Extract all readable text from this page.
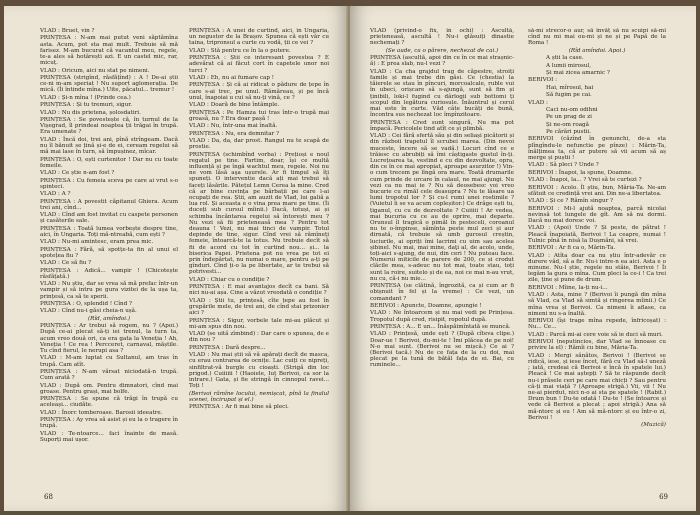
VLAD : Bruet, vin ?

PRINȚESA : N-am mai putut veni săptămîna asta. Acum, pot sta mai mult. Trebuie să mă farisez. M-am bucurat că vacantul meu, regele, te-a ales să hotărești azi. E un castel mic, rar, micuț.

VLAD : Oricum, aici nu stat pe nimeni.

PRINȚESA (strigînd, răsfățînd) : A ! De-ai știi ce-ni m-am speriat ! Nu suport aglomerația. De mică. (Îi întinde mîna.) Uite, păcatul... tremur !

VLAD : Și-n mîna ! (Prinde cea.)

PRINȚESA : Și tu tremuri, sigur.

VLAD : Nu dis prietena, șolosdatiri.

PRINȚESA : Se povestește că, în turnul de la Vișegrad, îl prindeai noaptea ții trăgai în trupă. Era umenate ?

VLAD : Încă doi, trei ani, pînă strîngeam. Dacă nu îl bănuit se țină și-e de ei, ceream regelui să mă mai lase în turn, să împușinez, mîcar.

PRINȚESA : O, ești curtenitor ! Dar nu cu toate femeile.

VLAD : Ce știe n-am fost ?

PRINȚESA : Cu femeia sceva pe care ai vrut s-o spinteci.

VLAD : A ?

PRINȚESA : A povestit căpitanul Ghiera. Acum trei ani, cînd...

VLAD : Cînd am fost invitat cu caspete personen și casăterile sale.

PRINȚESA : Toată lumea vorbește despre tine, aici, în Ungaria. Toți mă-ntreabă, cum ești ?

VLAD : Nu-mi amintesc, eram prea mic.

PRINȚESA : Fără, să spotțe-ta fin al unui el spotețea fiu ?

VLAD : Ce să fiu ?

PRINȚESA : Adică... vampir ! (Chicotește răsfățată.)

VLAD : Nu știu, dar se vrea să mă prefac într-un vampir și să intru pe gura vizitei de la ușa ta, prințesă, ca să te sperii.

PRINȚESA : O, splendid ! Cînd ?

VLAD : Cînd nu-i găsi cheia-n ușă.

(Rîd, amîndoi.)

PRINȚESA : Ar trebui să rogem, nu ? (Apoi.) După ce-ai plecat să-ți iei trenul, la turn ta, acum vreo două ori, ca era gata la Veneția ! Ah, Veneția ! Ce rea ! Percceret, carnaval, măștile. Tu cînd fierul, le nerupi asa ?

VLAD : M-am luptat cu Sultanul, am tras în trupă. Cam atît.

PRINȚESA : N-am vărsat niciodată-n trupă. Cum arată ?

VLAD : După om. Pentru dimnatori, cînd mai groase. Pentru grași, mai bolfe.

PRINȚESA : Se spune că trăgi în trupă cu aceleași... ciudăte.

VLAD : Înorc tomberoase. Barosii ideeatre.

PRINȚESA : Ay vrea să asist și eu la o tragere în trupă.

VLAD : Te-ntoarce... faci înainte de masă. Suporți mai ușor.

PRINȚESA : A unei de curtind, aici, în Ungaria, un negustor de la Brașov. Spunea că ești văr cu taina, tripronsul a curte cu vodă, ții ce vei ?

VLAD : Stă pentru ce în la o putere.

PRINȚESA : Știi ce interesant povestea ? E adevărat că ai făcut cort în capetele unor noi turci ?

VLAD : Eh, nu ai fumare cap !

PRINȚESA : Și că ai ridicat o pădure de țepe în care s-ai trec, pe unul. Rămăreau, și pe încă unul, înapoiai u cui să nu-ți vină, ce ?

VLAD : Doară de bine întâmple.

PRINȚESA : Pe Hamza tui tras într-o trupă mai groasă, nu ? Era doar pașă !

VLAD : Nu, într-una mai înaltă.

PRINȚESA : Nu, era demnitar ?

VLAD : Da, da, dar prost. Rangul nu te scapă de prostie.

PRINȚESA (schimbînd vorba) : Prețioși e noul regatul pe tine. Fartim, doar, își ce multă influență și pe îngă wachtul meu, regele. Noi nu ne vom lăsă aşa ușurele. Ar fi timpul să îți spuneți. O interventie dacă ați mai trebui să faceți lăsările. Pătețul Lemn Cerea la mine. Cred că ar bine cuvința pe bărbații pe care l-ai ocupați de rea. Știi, am auzit de Vlad, lui galiă a lua rol. Și aceasta e o vina prea mare pe tine. (Îi duceți sub cursul mîinii.) Dacă, totuși, ai și schimba încăntarea regelui să întorești meu ? Nu vezi să fii prieteneasă mea ? Pentru tot deauna ! Vezi, nu mai tinci de vampir. Totul depinde de tine, sigur. Cînd vrei să rămîneți femeie, întoarcă-te la totus. Nu trebuie decît să fii de acord cu tot în curtind nou... și... la biserica Papei. Prietena pot nu vrea pe tot ei prin îndepărtat, nu numai o mare, pentru a-ți pe gînduri. Cînd ți-o la pe libertate, ar te trebui să potrivesti...

VLAD : Chiar cu o condiție ?

PRINȚESA : E mai avantajos decît ca bani. Să nici nu-ai așa. Cine a văzut vreodată o condiție ?

VLAD : Știi tu, prințesă, cîte țepe au fost în grupările mele, de trei ani, de cînd stai prizonier aici ?

PRINȚESA : Sigur, vorbele tale mi-au plăcut și mi-am spus din nou.

VLAD (se uită zîmbind) : Dar care o spunea, de e din nou ?

PRINȚESA : Dară despre...

VLAD : Nu mai știi să vă apărați decît de masca, cu erau contrarea de ocnițe. Lac cuiți ce nipreți, sinfiltrat-vă burgle cu cioaști. (Strigă din loc prigod.) Cuiiiiii ! (Haoiele, Iuț Berivoi, ca sor la intrare.) Gata, și fie stringă în cinnopul ravei... Toți !

(Berivoi rămîne locului, nemișcat, pînă la finalul scenei, încirupat și el.)

PRINȚESA : Ar fi mai bine să pleci.

68

VLAD (privind-o fix, în ochi) : Ascultă, prieteneasă, ascultă ! Nu-i glăsuiți dinastie nechemați ?

(Se aude, ca o părere, nechezat de cai.)

PRINȚESA (ascultă, apoi din ce în ce mai strașnic-ă) : E prea slab, nu-l vezi ?

VLAD : Ca cha grajdul trag de căpestre, stroiți famile și mai trebe din găsi. Ce (chestia) la tăierele se stau în pîncuri, morcoalcale, ruble vui în ubeci, orișcare să s-ajungă, sunt să fim și ținibili, loki-l fugind cu dârlogii sub bottomi ți scopul din legătura curiosule. Înăuntrul și cerul mai este în curte. Văd câte bucăți de bună, încontra sus nechezat loc împînzitoare.

PRINȚESA : Cred sunt singură, Nu ma pot împacă. Pericolele tind atît ce și plimbă.

VLAD : Cei fără sfertă său și din seliași picătorii și din războii trapetul îl scrubei marea. (Din nevoi muceste, încere să se vadă.) Locuri cînd ce e trăiesc cu abrubiți să îmi câștigaste gustul în-ți. Lucrețoarea ta, vestind e cu din dezvoltate, opra, din ce în ce mai apropiat, aproape asurzitor !) Vin-o cum trecem pe lîngă ora mare. Toată drumarile cum prinde de urcare în calaul, ne mai ajungi. Nu vezi ca nu mai ie ? Nu să deosebesc voi vreo bucurie cu rimăl cele deasupra ? Nu te lăsare ua lumi tropotul lor ? Și cu-l rumi unei rostimile ? (Vuietul îi se va acum copleșitor.) Ce drăge ești tu, țiganul, cu cu de dezvoltate ? Cuiiiii ! Ar vedea, mai bucuria cu ce au de oprire, mai departe. Orunsul îl tragică o pimăl în pesteceli, coroanul nu te o-împinse, sămînta peste mul zeci și aur dirnată, că trebuie să umb gurosul creștin, luciurile, ai opriți îmi lacrimi cu uim sau acelea șibinel. Nu mai, mai mine, daţi al, de acolo, unde, toți-aici s-ajung, de nui, din ceri ! Nu puteau face. Numerui miticile de parere de 200, ce și crodut clăcile mea, s-adeuc nu tot mai, toate stau, toți sunt la roire, suitelo și de ea, noi ce mai n-au vrut, nu cu, că-i nu mie...

PRINȚESA (se clătină, îngrozită, ca și cum ar fi obișnuit în fel și la vreme) : Ce vezi, un comandant ?

BERIVOI : Apuncte, Doamne, apungie !

VLAD : Ne întoarcem și nu mai vedi pe Prințesa. Tropotul după cred, risipit, ropotul după.

PRINȚESA : A... E un... Înăspăimîntată se muncă.

VLAD : Prințesă, unde ești ? (După cîteva clipe.) Doar-ue ! Berivoi, du-mi-te ! Îmi plăcea de pe noi! N-o mai sunt. (Berivoi nu se mișcă.) Ce ai ? (Berivoi tacă.) Nu de ce fața de la cu doi, mai plecat pe la tună de bătăl fața de ei. Bai, cu ruminele...

să-mi strecor-o aur, să învăț să nu scuipi să-mi cînd nu mi mai ou-mi și ne și pe Papă de la Roma !

(Rîd amîndoi. Apoi.)

A știi la case.

A lumii mirosul,

Și mai zicea amarnic ?

BERIVOI :

Hai, mîrosul, hai

Să fugim pe cai.

VLAD :

Caci nu-om odihni

Pe un prag de zi

Și ne-om roagă

Pe cărări pustii.

BERIVOI (căzînd în genunchi, de-a sta plîngîndu-le nefunctie pe pînze) : Mărin-Ta, înălțimea ta, că ar putere să vii acum să aș merge și puștii !

VLAD : Să pleci ? Unde ?

BERIVOI : Înapoi, la spune, Doamne.

VLAD : Înapoi, la... ? Vrei să te curtezi ?

BERIVOI : Acolo. Îl știu, bun, Măria-Ta. Ne-am sfătuit ce credință vrei ani. Din ne-a libertatea.

VLAD : Și ce ? Rămîn singur ?

BERIVOI : Mi-l ajută noaptea, parcă nicolai nevinsă tot lungele de gît. Am să nu dormi. Dacă nu mai doresc voi.

VLAD : (Apoi) Unde ? Și peste, de pătrat ! Pleacă înapoiată, Berivoi ! La ceapre, numai ! Tulnic pînă în nisă la Dușmăni, să vrei.

BERIVOI : Ar fi ca o, Mărin-Ta.

VLAD : Atîta doar ca nu știu într-adevăr ce durere văd, să a fir. Nu-i intre-n ea aici. Asta e o minune. Nu-l știe, regele nu stăie, Berivoi ! Îi legăm la gura o mîna. Cum pleci la ce-i ! Ca trei zile, ține și pune de drum.

BERIVOI : Mîine, la-ți nu-i...

VLAD : Asta, mine ? (Berivoi îi pungă din mîna să Vlad, ca Vlad să simtă și ringerea mîinii.) Ce mîna vrea și Berivoi. Ca nimeni îi aflase, ca nimeni nu s-a înaltă.

BERIVOI (își trage mîna repede, înfricoșat) : Nu... Ce...

VLAD : Parcă mi-ai cere voie să ie duci să muri.

BERIVOI (neputincios, dar Vlad se înnoase cu privire la el) : Rămîi cu bine, Măria-Ta.

VLAD : Mergi sănătos, Berivoi ! (Berivoi se ridică, iese, și iese încet, fără cu Vlad să-l uneză ; iată, credeai că Berivoi e încă în spatele lui.) Pleacă ! Ce mai aștepți ? Să te răspunde decît nu-i prăsele ceri pe care mai chicți ? Sau pentru că-ți mai viață ? (Aproape strigă.) Vii, vii ! Nu ne-ai pierdut, nici n-o ai sta pe spatele ! (Rabit.) Drum bun ! Du-te odată ! Du-te ! (Se întoarce și vede că Berivoi a plecat ; apoi strigă.) Ana să mă-ntorc și eu ! Am să mă-ntorc și eu într-o zi, Berivoi !

(Muzică)

69
